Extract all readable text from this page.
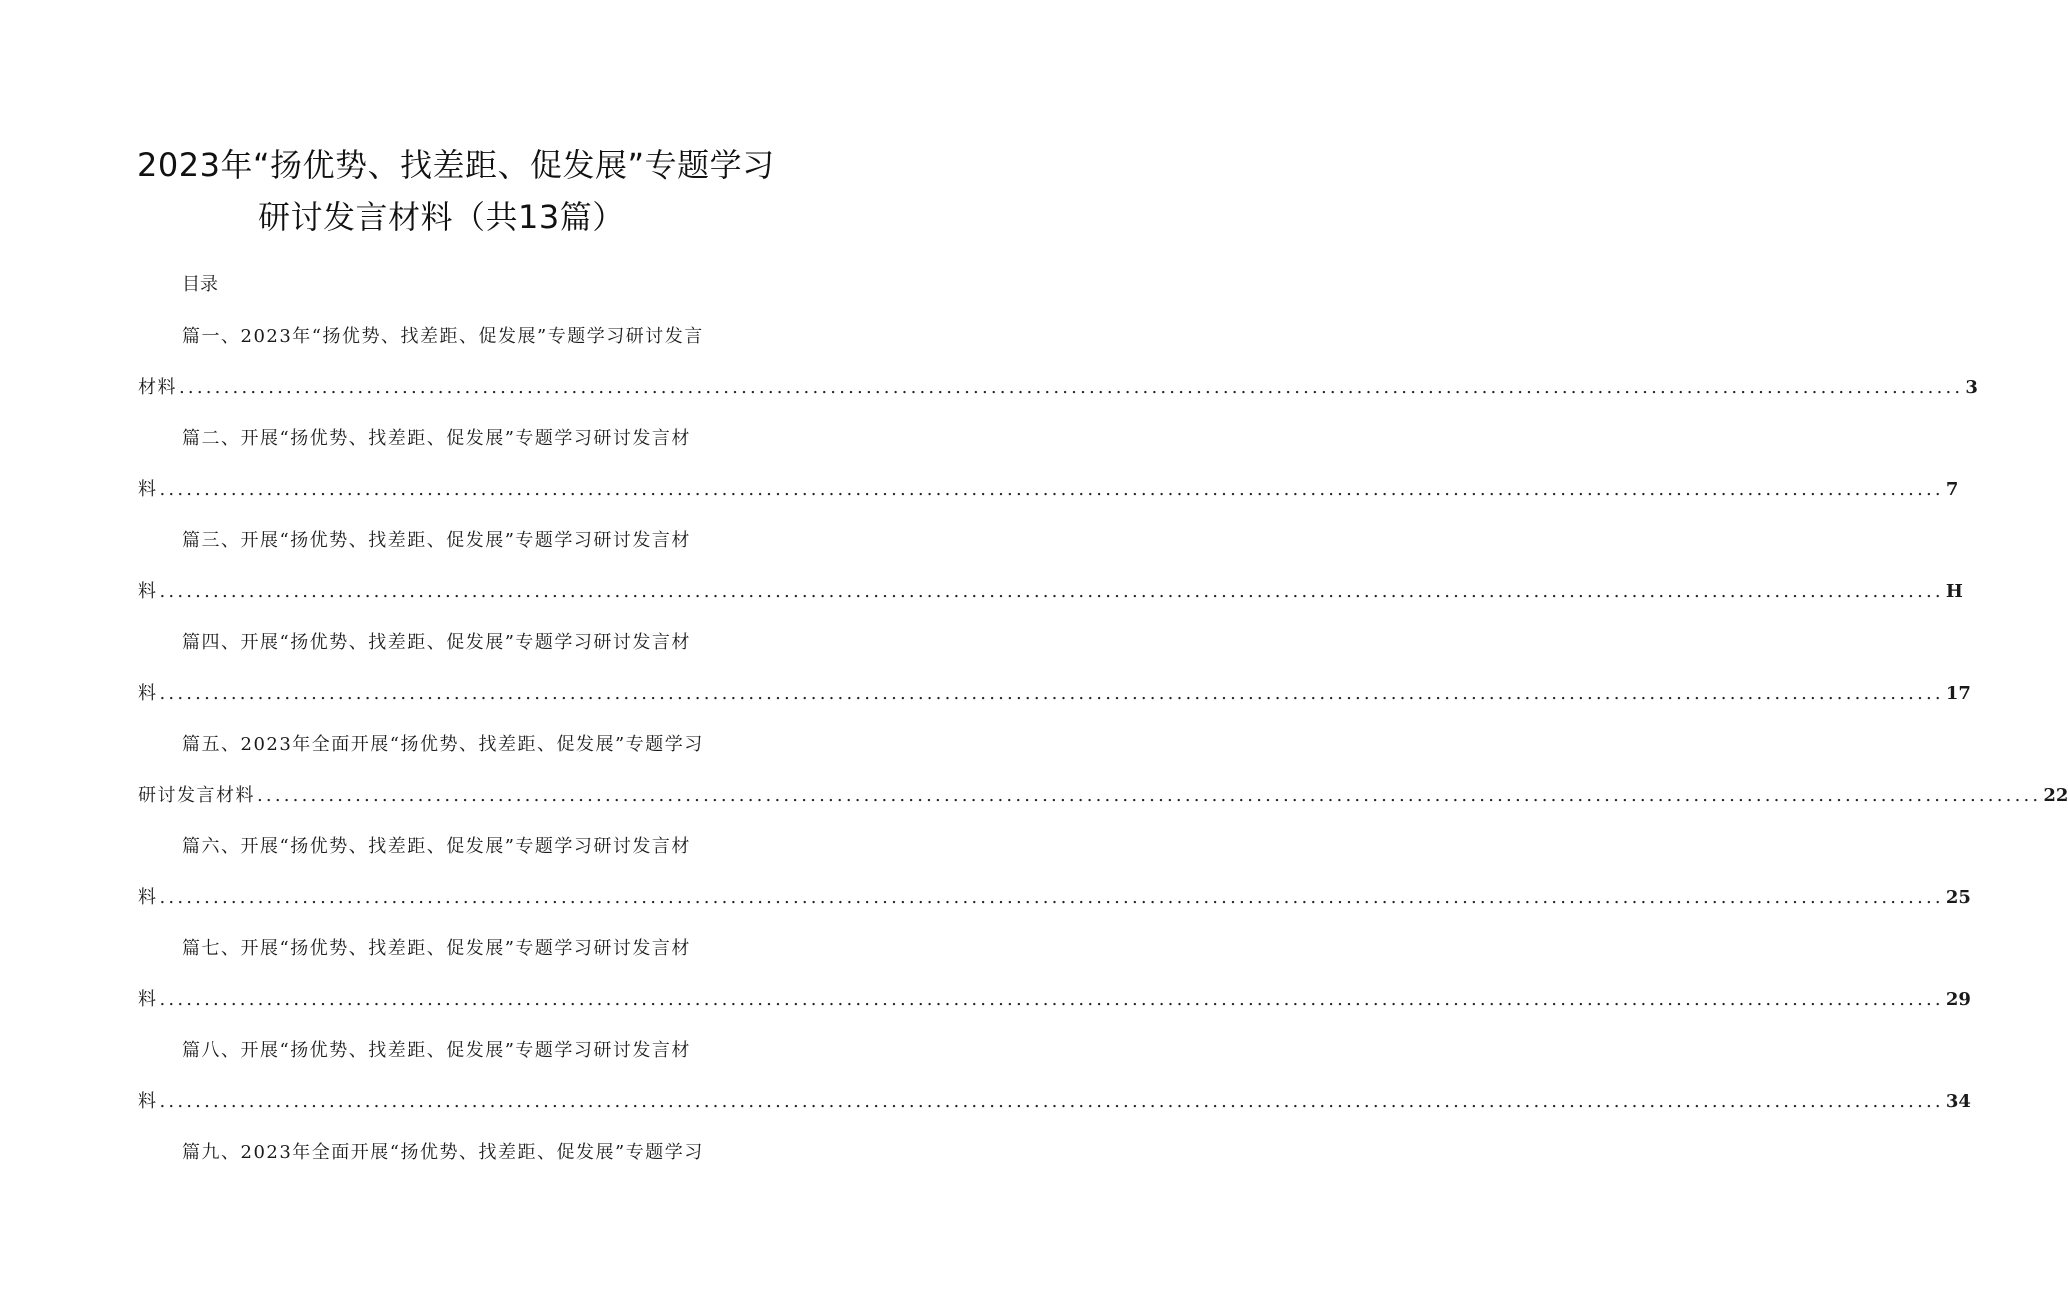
2023年“扬优势、找差距、促发展”专题学习
研讨发言材料（共13篇）
目录
篇一、2023年“扬优势、找差距、促发展”专题学习研讨发言
材料 ........................................................................................................................................................................................................ 3
篇二、开展“扬优势、找差距、促发展”专题学习研讨发言材
料 ........................................................................................................................................................................................................ 7
篇三、开展“扬优势、找差距、促发展”专题学习研讨发言材
料 ........................................................................................................................................................................................................ H
篇四、开展“扬优势、找差距、促发展”专题学习研讨发言材
料 ........................................................................................................................................................................................................ 17
篇五、2023年全面开展“扬优势、找差距、促发展”专题学习
研讨发言材料 ........................................................................................................................................................................................................ 22
篇六、开展“扬优势、找差距、促发展”专题学习研讨发言材
料 ........................................................................................................................................................................................................ 25
篇七、开展“扬优势、找差距、促发展”专题学习研讨发言材
料 ........................................................................................................................................................................................................ 29
篇八、开展“扬优势、找差距、促发展”专题学习研讨发言材
料 ........................................................................................................................................................................................................ 34
篇九、2023年全面开展“扬优势、找差距、促发展”专题学习
